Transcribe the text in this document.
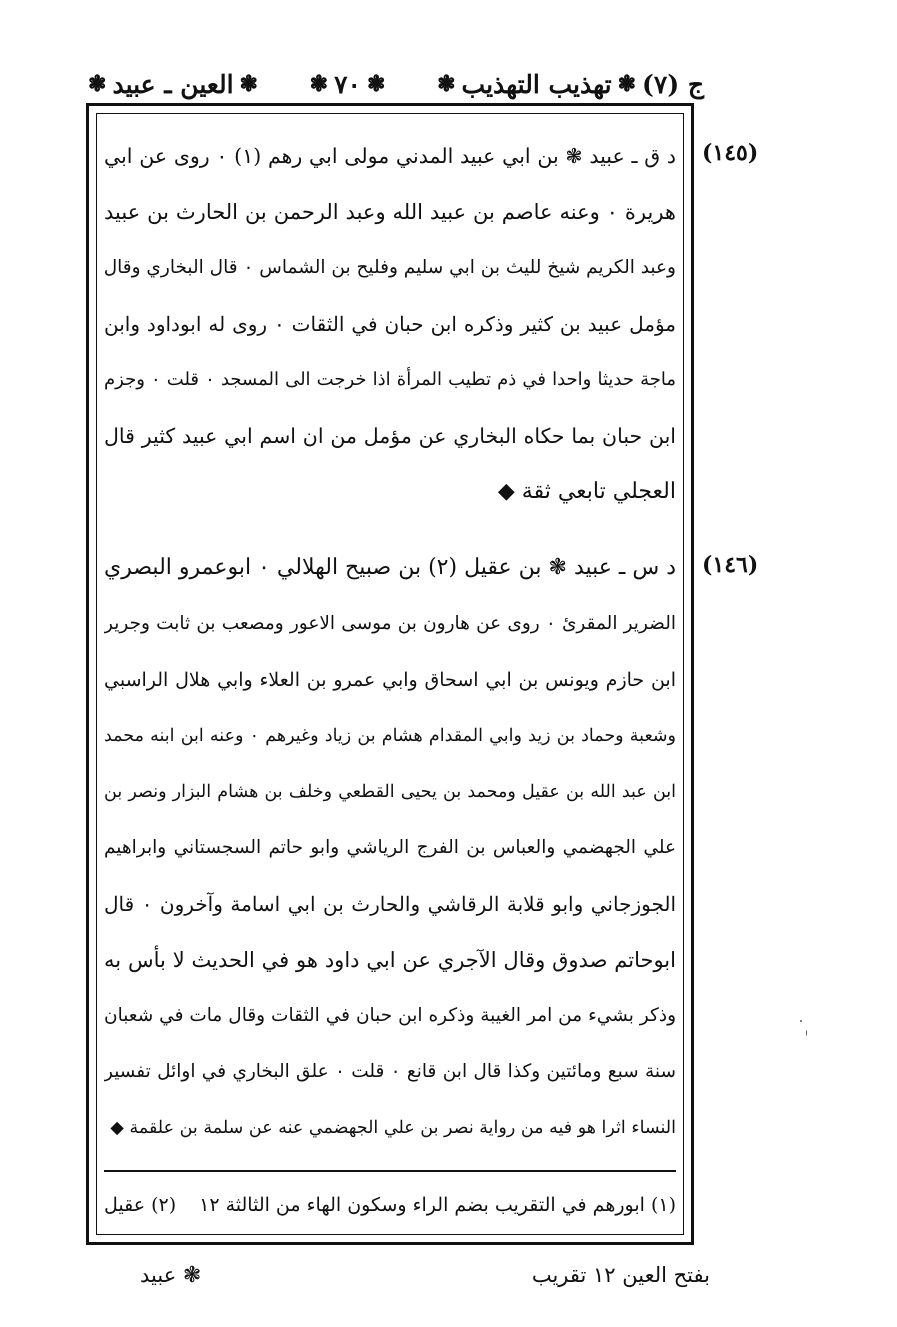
ج (٧)
❃
تهذيب التهذيب
❃
❃
٧٠
❃
❃
العين ـ عبيد
❃
(١٤٥)
د ق ـ عبيد ❃ بن ابي عبيد المدني مولى ابي رهم (١) ٠ روى عن ابي
هريرة ٠ وعنه عاصم بن عبيد الله وعبد الرحمن بن الحارث بن عبيد
وعبد الكريم شيخ لليث بن ابي سليم وفليح بن الشماس ٠ قال البخاري وقال
مؤمل عبيد بن كثير وذكره ابن حبان في الثقات ٠ روى له ابوداود وابن
ماجة حديثا واحدا في ذم تطيب المرأة اذا خرجت الى المسجد ٠ قلت ٠ وجزم
ابن حبان بما حكاه البخاري عن مؤمل من ان اسم ابي عبيد كثير قال
العجلي تابعي ثقة ◆
(١٤٦)
د س ـ عبيد ❃ بن عقيل (٢) بن صبيح الهلالي ٠ ابوعمرو البصري
الضرير المقرئ ٠ روى عن هارون بن موسى الاعور ومصعب بن ثابت وجرير
ابن حازم ويونس بن ابي اسحاق وابي عمرو بن العلاء وابي هلال الراسبي
وشعبة وحماد بن زيد وابي المقدام هشام بن زياد وغيرهم ٠ وعنه ابن ابنه محمد
ابن عبد الله بن عقيل ومحمد بن يحيى القطعي وخلف بن هشام البزار ونصر بن
علي الجهضمي والعباس بن الفرج الرياشي وابو حاتم السجستاني وابراهيم
الجوزجاني وابو قلابة الرقاشي والحارث بن ابي اسامة وآخرون ٠ قال
ابوحاتم صدوق وقال الآجري عن ابي داود هو في الحديث لا بأس به
وذكر بشيء من امر الغيبة وذكره ابن حبان في الثقات وقال مات في شعبان
سنة سبع ومائتين وكذا قال ابن قانع ٠ قلت ٠ علق البخاري في اوائل تفسير
النساء اثرا هو فيه من رواية نصر بن علي الجهضمي عنه عن سلمة بن علقمة ◆
(١) ابورهم في التقريب بضم الراء وسكون الهاء من الثالثة ١٢
(٢) عقيل
بفتح العين ١٢ تقريب
❃ عبيد
